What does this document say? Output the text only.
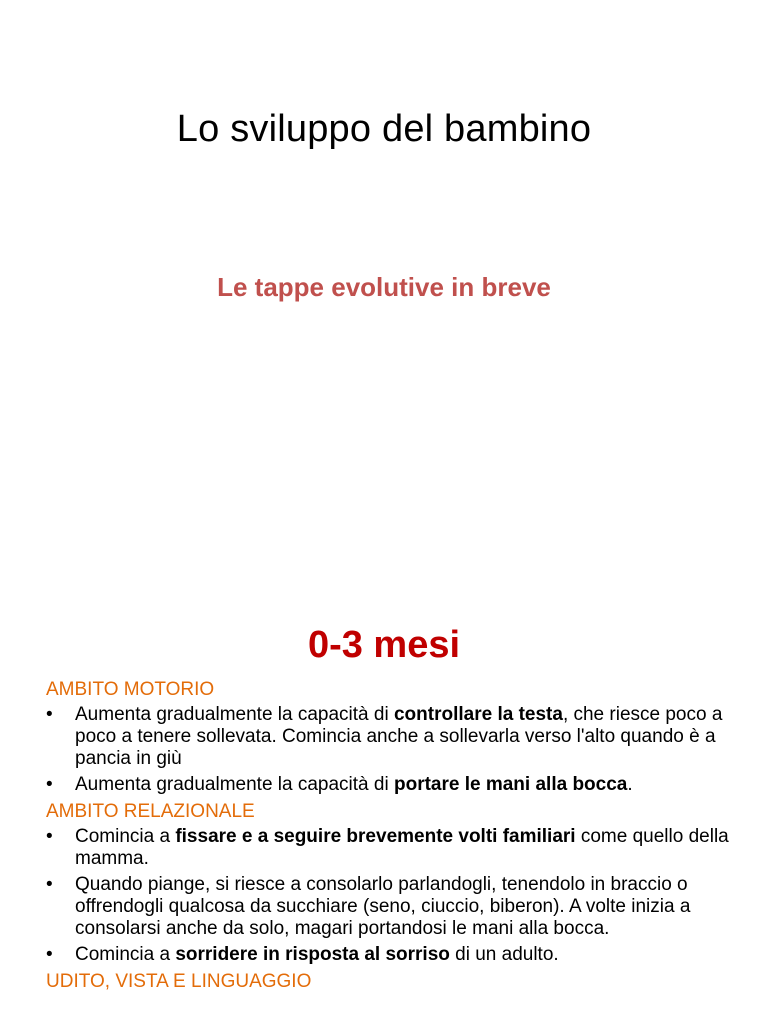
Lo sviluppo del bambino
Le tappe evolutive in breve
0-3 mesi

AMBITO MOTORIO

•	Aumenta gradualmente la capacità di controllare la testa, che riesce poco a poco a tenere sollevata. Comincia anche a sollevarla verso l'alto quando è a pancia in giù
•	Aumenta gradualmente la capacità di portare le mani alla bocca.

AMBITO RELAZIONALE

•	Comincia a fissare e a seguire brevemente volti familiari come quello della mamma.
•	Quando piange, si riesce a consolarlo parlandogli, tenendolo in braccio o offrendogli qualcosa da succhiare (seno, ciuccio, biberon). A volte inizia a consolarsi anche da solo, magari portandosi le mani alla bocca.
•	Comincia a sorridere in risposta al sorriso di un adulto.

UDITO, VISTA E LINGUAGGIO
